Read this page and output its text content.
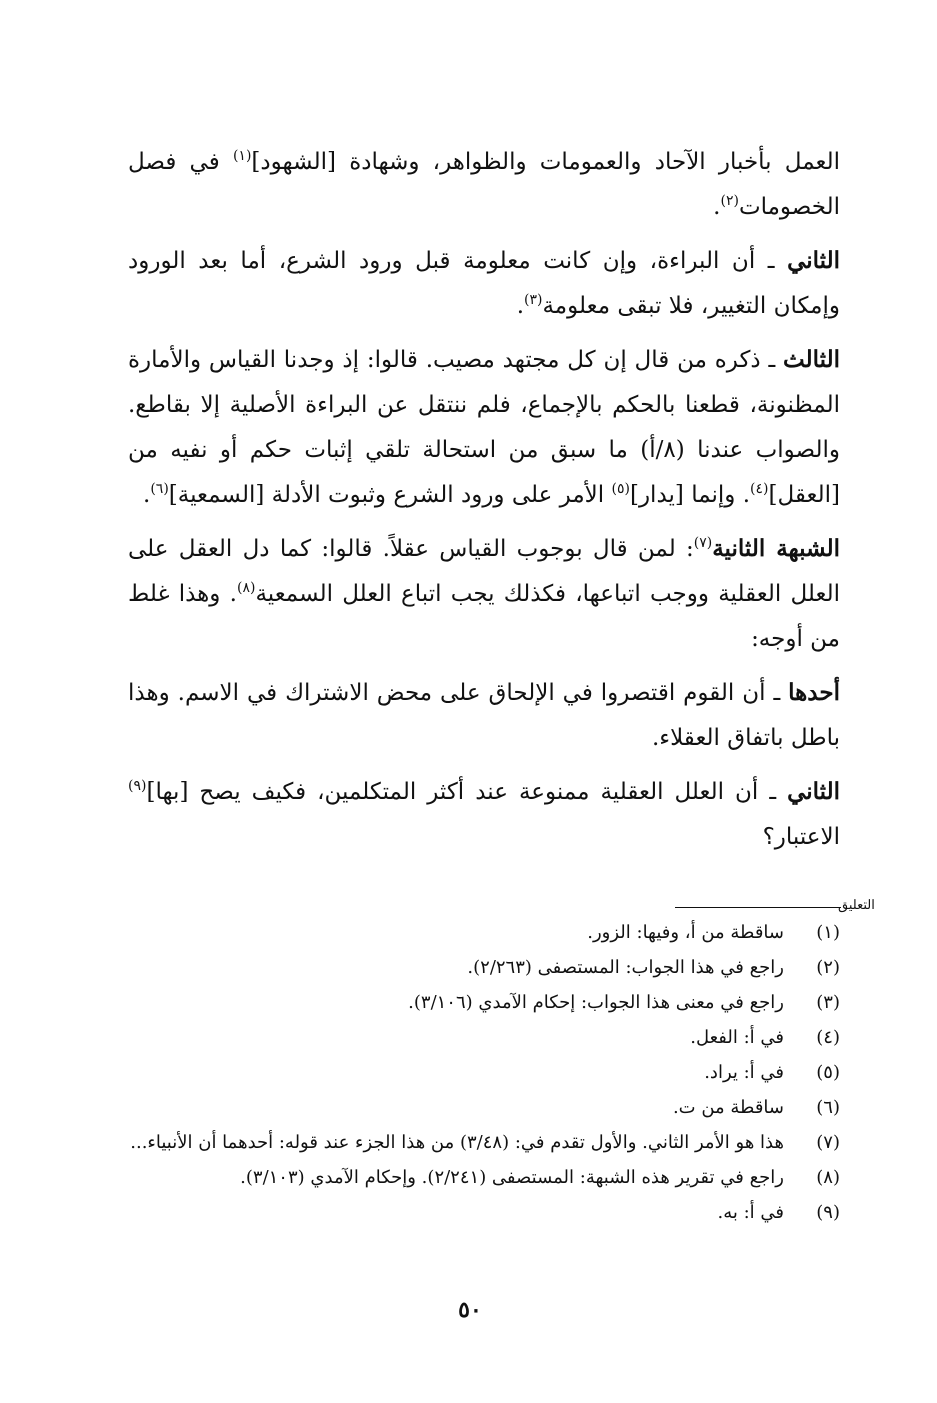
العمل بأخبار الآحاد والعمومات والظواهر، وشهادة [الشهود]$^{(١)}$ في فصل الخصومات$^{(٢)}$.

الثاني ـ أن البراءة، وإن كانت معلومة قبل ورود الشرع، أما بعد الورود وإمكان التغيير، فلا تبقى معلومة$^{(٣)}$.

الثالث ـ ذكره من قال إن كل مجتهد مصيب. قالوا: إذ وجدنا القياس والأمارة المظنونة، قطعنا بالحكم بالإجماع، فلم ننتقل عن البراءة الأصلية إلا بقاطع. والصواب عندنا (٨/أ) ما سبق من استحالة تلقي إثبات حكم أو نفيه من [العقل]$^{(٤)}$. وإنما [يدار]$^{(٥)}$ الأمر على ورود الشرع وثبوت الأدلة [السمعية]$^{(٦)}$.

الشبهة الثانية$^{(٧)}$: لمن قال بوجوب القياس عقلاً. قالوا: كما دل العقل على العلل العقلية ووجب اتباعها، فكذلك يجب اتباع العلل السمعية$^{(٨)}$. وهذا غلط من أوجه:

أحدها ـ أن القوم اقتصروا في الإلحاق على محض الاشتراك في الاسم. وهذا باطل باتفاق العقلاء.

الثاني ـ أن العلل العقلية ممنوعة عند أكثر المتكلمين، فكيف يصح [بها]$^{(٩)}$ الاعتبار؟

التعليق
(١)
ساقطة من أ، وفيها: الزور.
(٢)
راجع في هذا الجواب: المستصفى (٢/٢٦٣).
(٣)
راجع في معنى هذا الجواب: إحكام الآمدي (٣/١٠٦).
(٤)
في أ: الفعل.
(٥)
في أ: يراد.
(٦)
ساقطة من ت.
(٧)
هذا هو الأمر الثاني. والأول تقدم في: (٣/٤٨) من هذا الجزء عند قوله: أحدهما أن الأنبياء...
(٨)
راجع في تقرير هذه الشبهة: المستصفى (٢/٢٤١). وإحكام الآمدي (٣/١٠٣).
(٩)
في أ: به.
٥٠
